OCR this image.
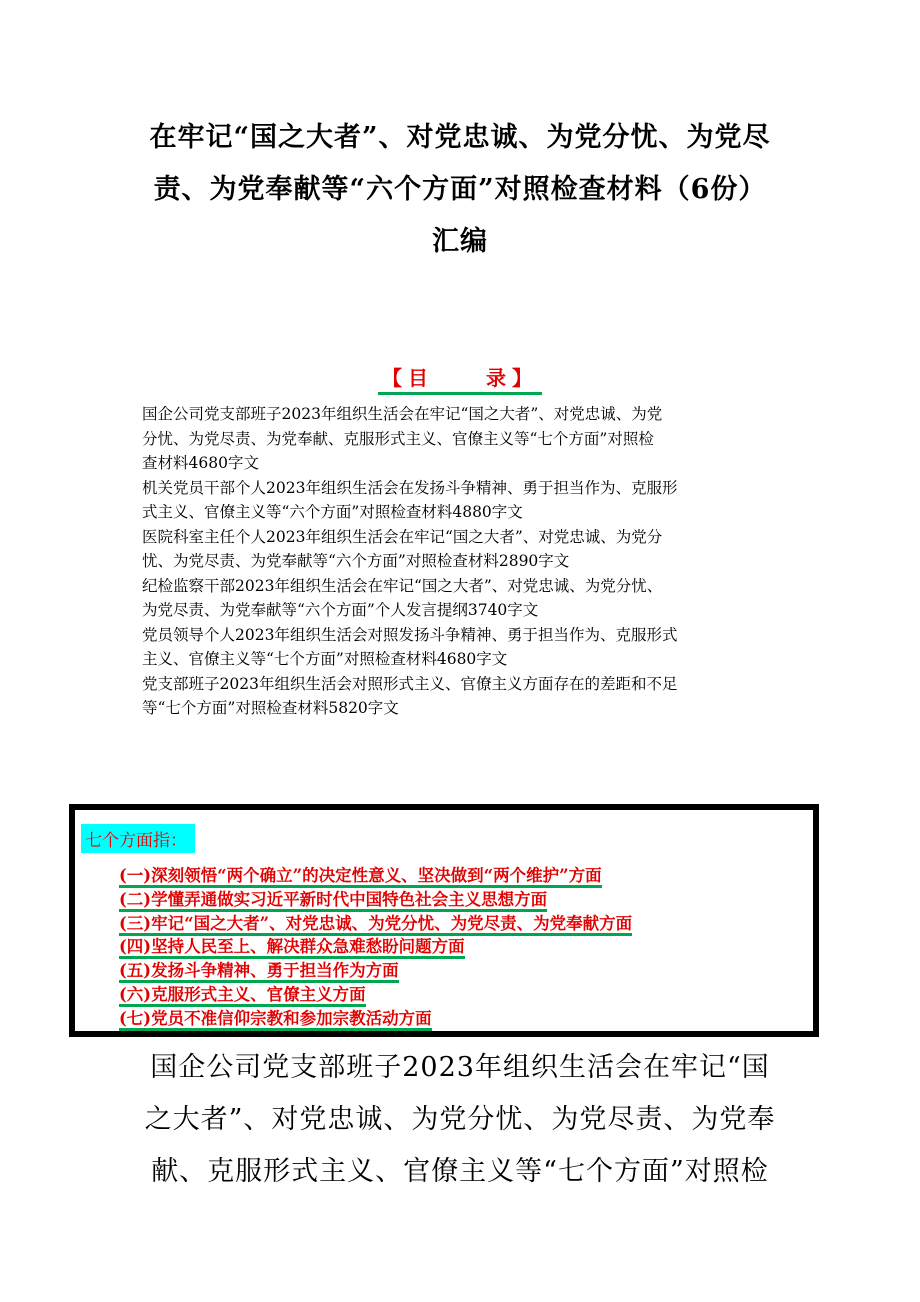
在牢记“国之大者”、对党忠诚、为党分忧、为党尽
责、为党奉献等“六个方面”对照检查材料（6份）
汇编
【目　　录】
国企公司党支部班子2023年组织生活会在牢记“国之大者”、对党忠诚、为党
分忧、为党尽责、为党奉献、克服形式主义、官僚主义等“七个方面”对照检
查材料4680字文
机关党员干部个人2023年组织生活会在发扬斗争精神、勇于担当作为、克服形
式主义、官僚主义等“六个方面”对照检查材料4880字文
医院科室主任个人2023年组织生活会在牢记“国之大者”、对党忠诚、为党分
忧、为党尽责、为党奉献等“六个方面”对照检查材料2890字文
纪检监察干部2023年组织生活会在牢记“国之大者”、对党忠诚、为党分忧、
为党尽责、为党奉献等“六个方面”个人发言提纲3740字文
党员领导个人2023年组织生活会对照发扬斗争精神、勇于担当作为、克服形式
主义、官僚主义等“七个方面”对照检查材料4680字文
党支部班子2023年组织生活会对照形式主义、官僚主义方面存在的差距和不足
等“七个方面”对照检查材料5820字文
七个方面指：
(一)深刻领悟“两个确立”的决定性意义、坚决做到“两个维护”方面
(二)学懂弄通做实习近平新时代中国特色社会主义思想方面
(三)牢记“国之大者”、对党忠诚、为党分忧、为党尽责、为党奉献方面
(四)坚持人民至上、解决群众急难愁盼问题方面
(五)发扬斗争精神、勇于担当作为方面
(六)克服形式主义、官僚主义方面
(七)党员不准信仰宗教和参加宗教活动方面
国企公司党支部班子2023年组织生活会在牢记“国
之大者”、对党忠诚、为党分忧、为党尽责、为党奉
献、克服形式主义、官僚主义等“七个方面”对照检
